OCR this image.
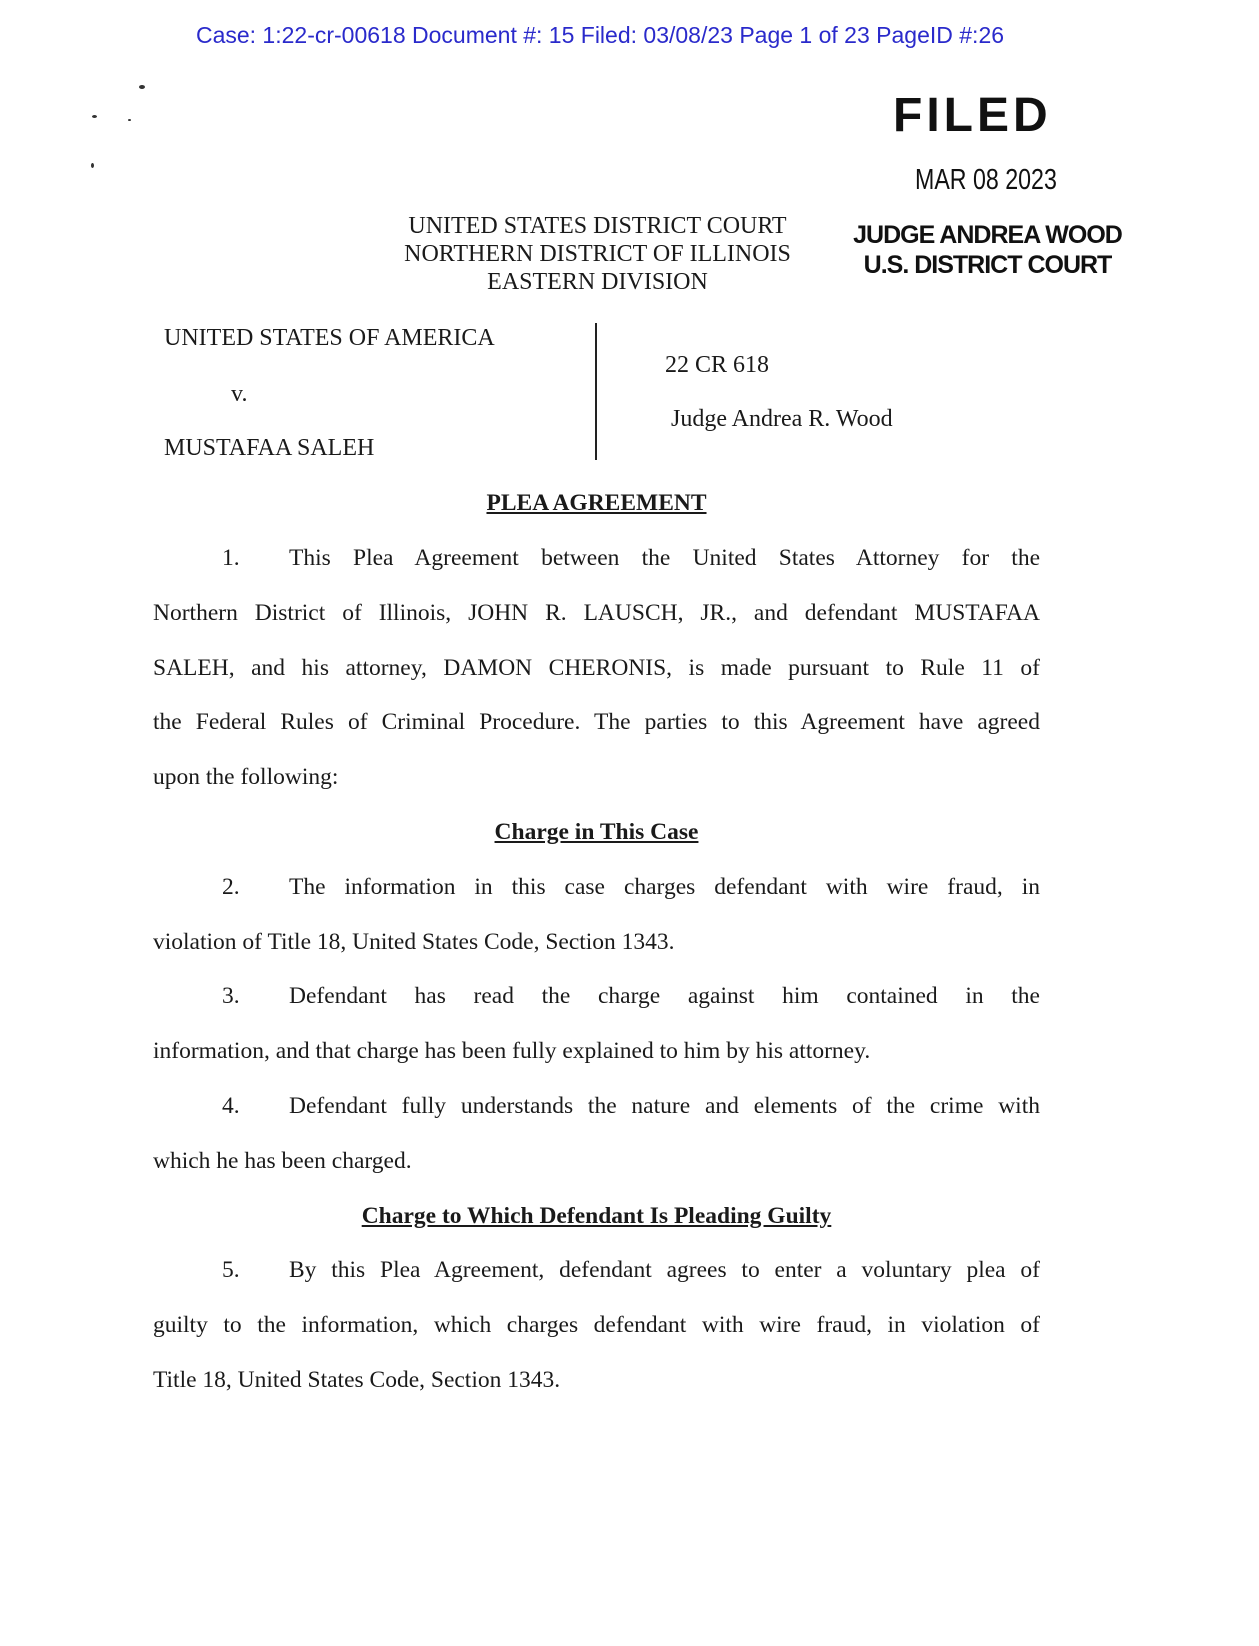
Case: 1:22-cr-00618 Document #: 15 Filed: 03/08/23 Page 1 of 23 PageID #:26
FILED
MAR 08 2023
JUDGE ANDREA WOOD
U.S. DISTRICT COURT
UNITED STATES DISTRICT COURT
NORTHERN DISTRICT OF ILLINOIS
EASTERN DIVISION
UNITED STATES OF AMERICA
v.
MUSTAFAA SALEH
22 CR 618
Judge Andrea R. Wood
PLEA AGREEMENT
1. This Plea Agreement between the United States Attorney for the
Northern District of Illinois, JOHN R. LAUSCH, JR., and defendant MUSTAFAA
SALEH, and his attorney, DAMON CHERONIS, is made pursuant to Rule 11 of
the Federal Rules of Criminal Procedure. The parties to this Agreement have agreed
upon the following:
Charge in This Case
2. The information in this case charges defendant with wire fraud, in
violation of Title 18, United States Code, Section 1343.
3. Defendant has read the charge against him contained in the
information, and that charge has been fully explained to him by his attorney.
4. Defendant fully understands the nature and elements of the crime with
which he has been charged.
Charge to Which Defendant Is Pleading Guilty
5. By this Plea Agreement, defendant agrees to enter a voluntary plea of
guilty to the information, which charges defendant with wire fraud, in violation of
Title 18, United States Code, Section 1343.
